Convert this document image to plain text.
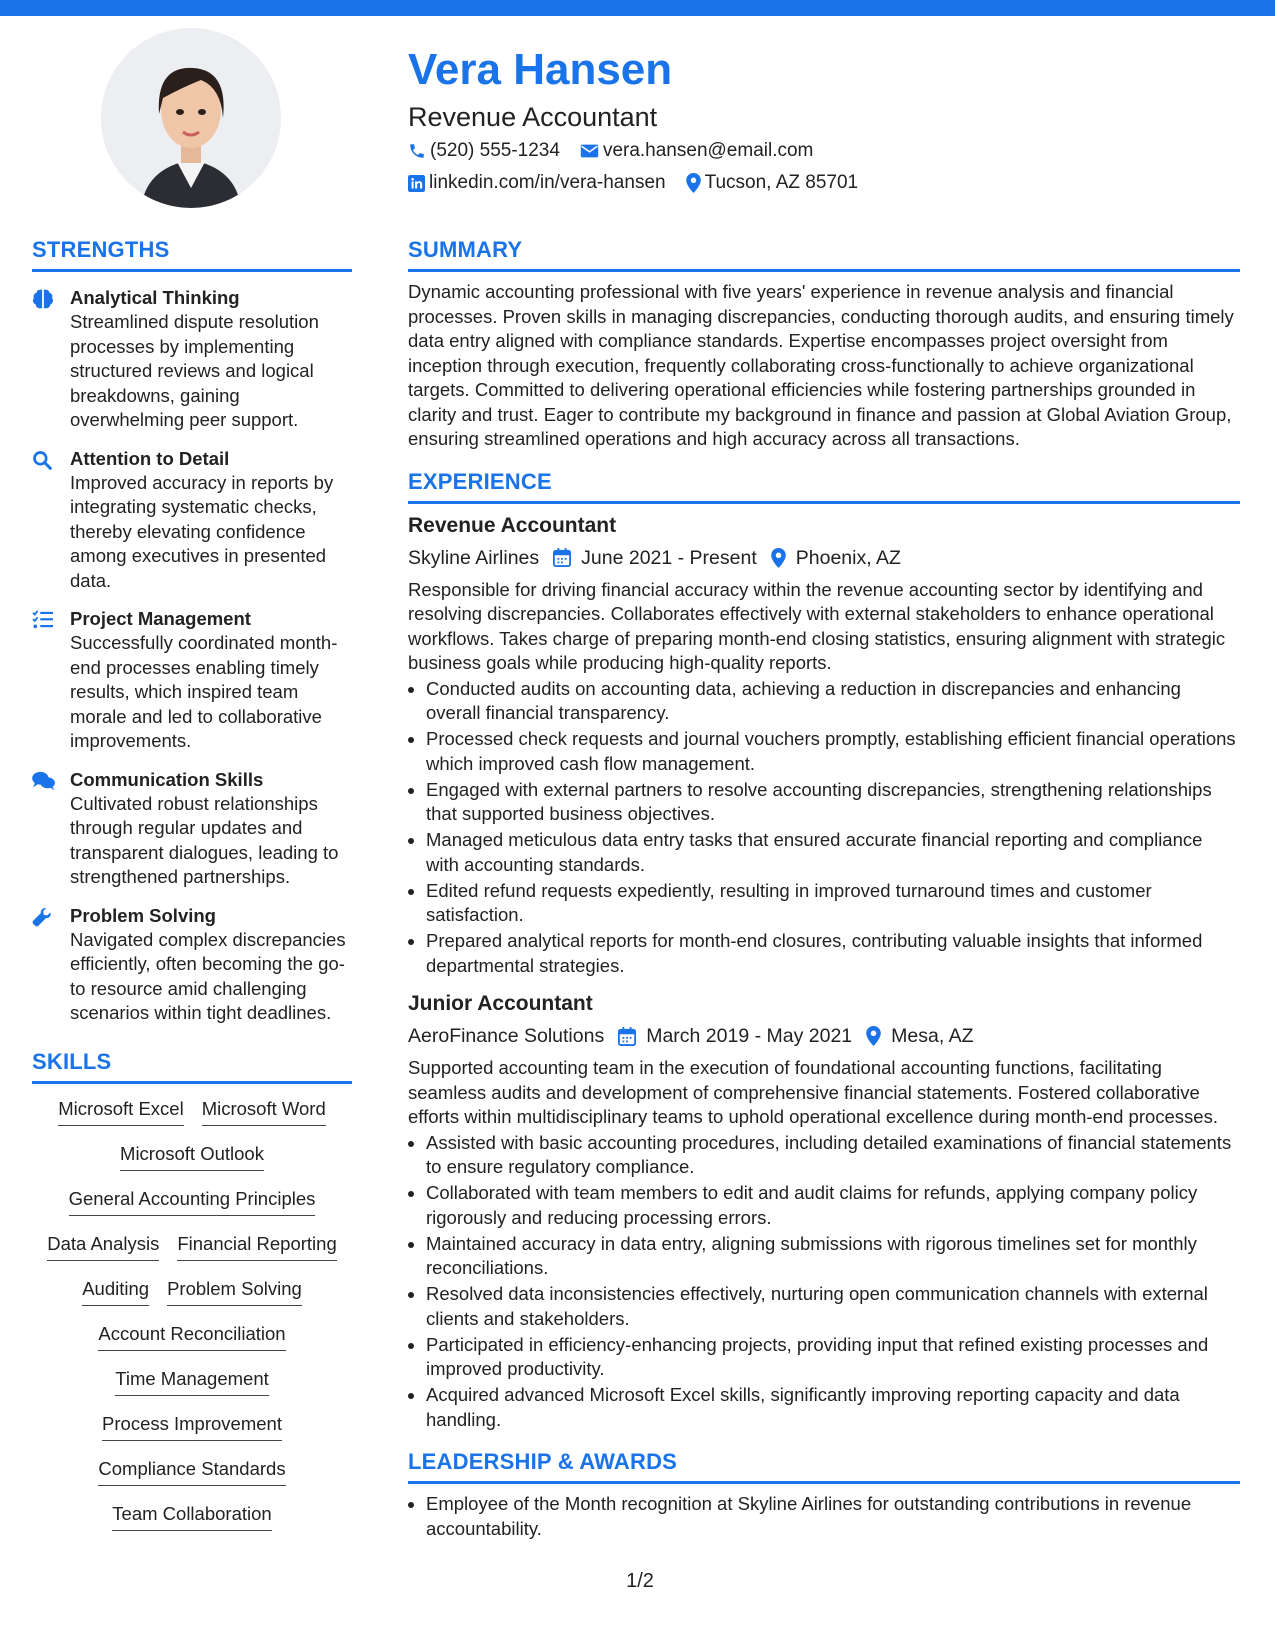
Vera Hansen
Revenue Accountant
(520) 555-1234 vera.hansen@email.com
linkedin.com/in/vera-hansen Tucson, AZ 85701
STRENGTHS
Analytical Thinking
Streamlined dispute resolution processes by implementing structured reviews and logical breakdowns, gaining overwhelming peer support.
Attention to Detail
Improved accuracy in reports by integrating systematic checks, thereby elevating confidence among executives in presented data.
Project Management
Successfully coordinated month-end processes enabling timely results, which inspired team morale and led to collaborative improvements.
Communication Skills
Cultivated robust relationships through regular updates and transparent dialogues, leading to strengthened partnerships.
Problem Solving
Navigated complex discrepancies efficiently, often becoming the go-to resource amid challenging scenarios within tight deadlines.
SKILLS
Microsoft Excel Microsoft Word
Microsoft Outlook
General Accounting Principles
Data Analysis Financial Reporting
Auditing Problem Solving
Account Reconciliation
Time Management
Process Improvement
Compliance Standards
Team Collaboration
SUMMARY
Dynamic accounting professional with five years' experience in revenue analysis and financial processes. Proven skills in managing discrepancies, conducting thorough audits, and ensuring timely data entry aligned with compliance standards. Expertise encompasses project oversight from inception through execution, frequently collaborating cross-functionally to achieve organizational targets. Committed to delivering operational efficiencies while fostering partnerships grounded in clarity and trust. Eager to contribute my background in finance and passion at Global Aviation Group, ensuring streamlined operations and high accuracy across all transactions.
EXPERIENCE
Revenue Accountant
Skyline Airlines June 2021 - Present Phoenix, AZ
Responsible for driving financial accuracy within the revenue accounting sector by identifying and resolving discrepancies. Collaborates effectively with external stakeholders to enhance operational workflows. Takes charge of preparing month-end closing statistics, ensuring alignment with strategic business goals while producing high-quality reports.
• Conducted audits on accounting data, achieving a reduction in discrepancies and enhancing overall financial transparency.
• Processed check requests and journal vouchers promptly, establishing efficient financial operations which improved cash flow management.
• Engaged with external partners to resolve accounting discrepancies, strengthening relationships that supported business objectives.
• Managed meticulous data entry tasks that ensured accurate financial reporting and compliance with accounting standards.
• Edited refund requests expediently, resulting in improved turnaround times and customer satisfaction.
• Prepared analytical reports for month-end closures, contributing valuable insights that informed departmental strategies.
Junior Accountant
AeroFinance Solutions March 2019 - May 2021 Mesa, AZ
Supported accounting team in the execution of foundational accounting functions, facilitating seamless audits and development of comprehensive financial statements. Fostered collaborative efforts within multidisciplinary teams to uphold operational excellence during month-end processes.
• Assisted with basic accounting procedures, including detailed examinations of financial statements to ensure regulatory compliance.
• Collaborated with team members to edit and audit claims for refunds, applying company policy rigorously and reducing processing errors.
• Maintained accuracy in data entry, aligning submissions with rigorous timelines set for monthly reconciliations.
• Resolved data inconsistencies effectively, nurturing open communication channels with external clients and stakeholders.
• Participated in efficiency-enhancing projects, providing input that refined existing processes and improved productivity.
• Acquired advanced Microsoft Excel skills, significantly improving reporting capacity and data handling.
LEADERSHIP & AWARDS
• Employee of the Month recognition at Skyline Airlines for outstanding contributions in revenue accountability.
1/2
